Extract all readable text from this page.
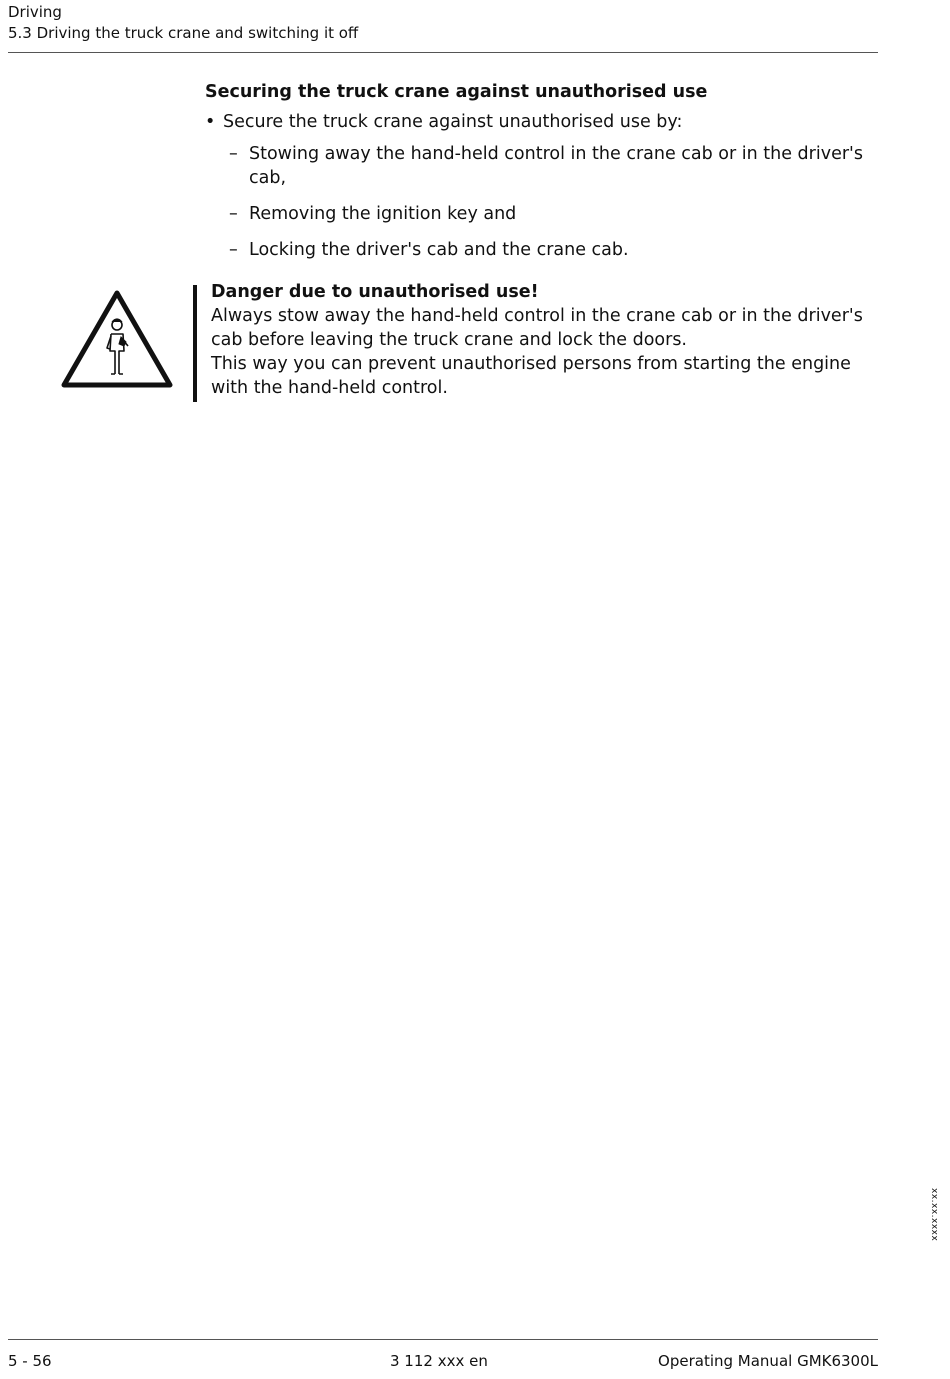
Driving
5.3 Driving the truck crane and switching it off
Securing the truck crane against unauthorised use
• Secure the truck crane against unauthorised use by:
– Stowing away the hand-held control in the crane cab or in the driver's cab,
– Removing the ignition key and
– Locking the driver's cab and the crane cab.
Danger due to unauthorised use!
Always stow away the hand-held control in the crane cab or in the driver's cab before leaving the truck crane and lock the doors.
This way you can prevent unauthorised persons from starting the engine with the hand-held control.
xx.xx.xxxx
5 - 56	3 112 xxx en	Operating Manual GMK6300L
